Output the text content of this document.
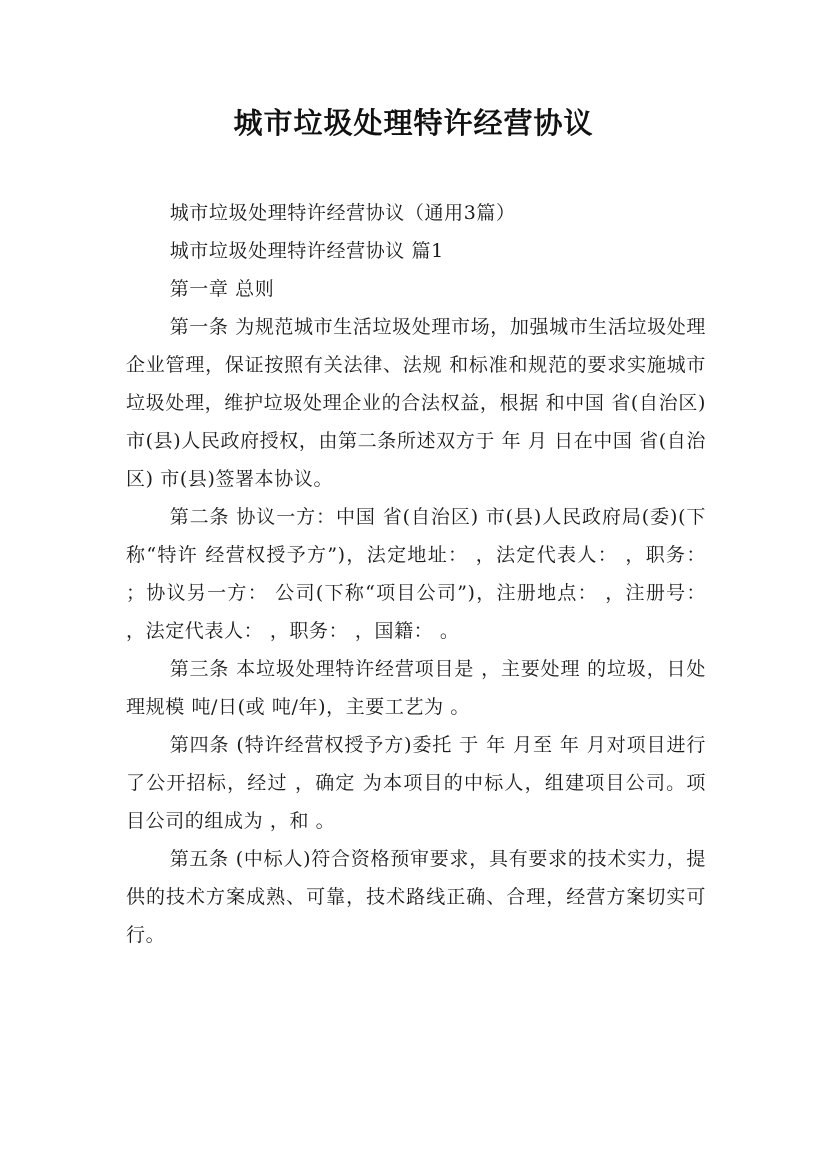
城市垃圾处理特许经营协议

城市垃圾处理特许经营协议（通用3篇）

城市垃圾处理特许经营协议 篇1

第一章 总则

第一条 为规范城市生活垃圾处理市场，加强城市生活垃圾处理企业管理，保证按照有关法律、法规 和标准和规范的要求实施城市垃圾处理，维护垃圾处理企业的合法权益，根据 和中国 省(自治区) 市(县)人民政府授权，由第二条所述双方于 年 月 日在中国 省(自治区) 市(县)签署本协议。

第二条 协议一方：中国 省(自治区) 市(县)人民政府局(委)(下称“特许 经营权授予方”)，法定地址： ，法定代表人： ，职务： ；协议另一方： 公司(下称“项目公司”)，注册地点： ，注册号： ，法定代表人： ，职务： ，国籍： 。

第三条 本垃圾处理特许经营项目是 ，主要处理 的垃圾，日处理规模 吨/日(或 吨/年)，主要工艺为 。

第四条 (特许经营权授予方)委托 于 年 月至 年 月对项目进行了公开招标，经过 ，确定 为本项目的中标人，组建项目公司。项目公司的组成为 ，和 。

第五条 (中标人)符合资格预审要求，具有要求的技术实力，提供的技术方案成熟、可靠，技术路线正确、合理，经营方案切实可行。
